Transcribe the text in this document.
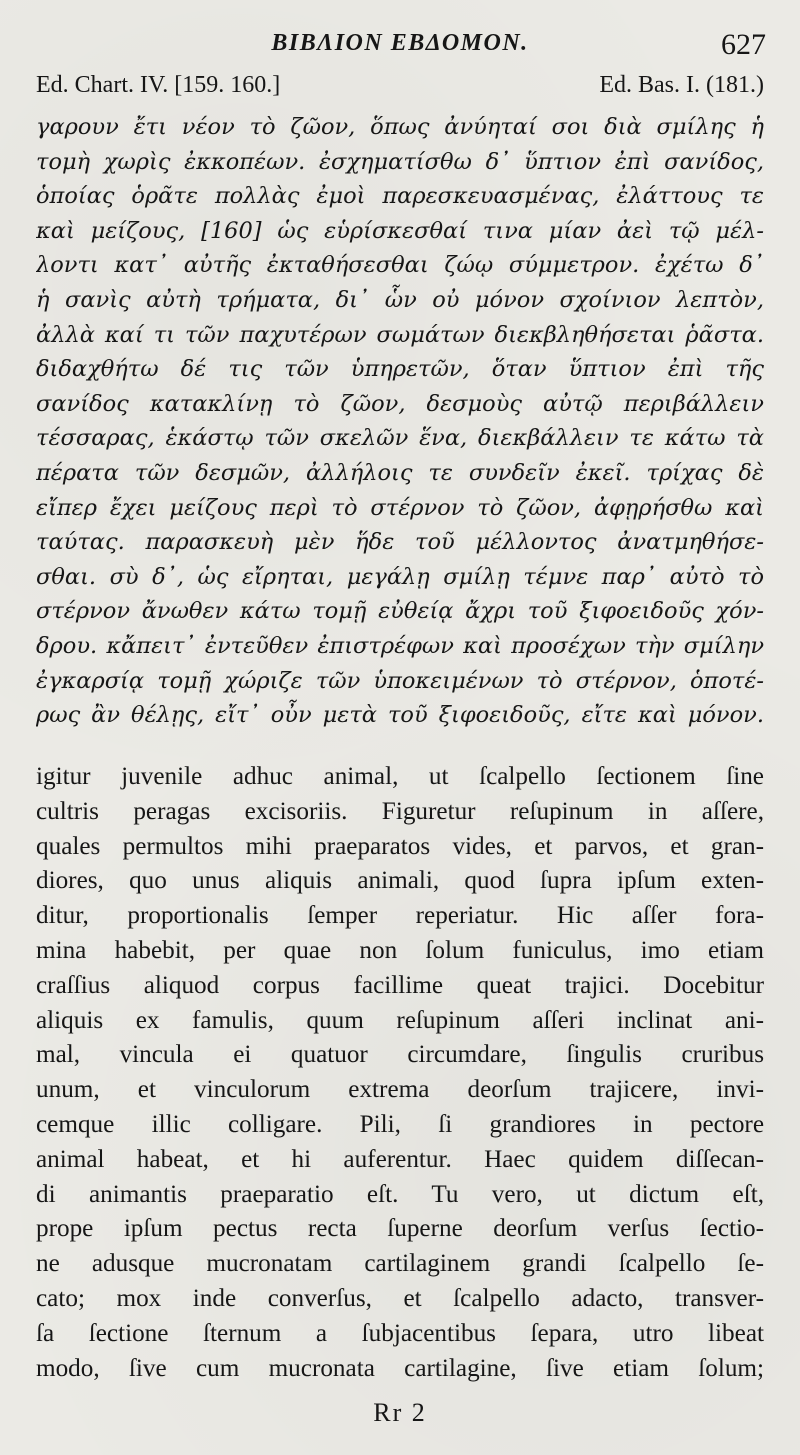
BIBΛΙΟΝ EBΔΟΜΟΝ.	627
Ed. Chart. IV. [159. 160.]	Ed. Bas. I. (181.)
γαρουν ἔτι νέον τὸ ζῶον, ὅπως ἀνύηταί σοι διὰ σμίλης ἡ
τομὴ χωρὶς ἐκκοπέων. ἐσχηματίσθω δ᾽ ὕπτιον ἐπὶ σανίδος,
ὁποίας ὁρᾶτε πολλὰς ἐμοὶ παρεσκευασμένας, ἐλάττους τε
καὶ μείζους, [160] ὡς εὑρίσκεσθαί τινα μίαν ἀεὶ τῷ μέλ-
λοντι κατ᾽ αὐτῆς ἐκταθήσεσθαι ζώῳ σύμμετρον. ἐχέτω δ᾽
ἡ σανὶς αὐτὴ τρήματα, δι᾽ ὧν οὐ μόνον σχοίνιον λεπτὸν,
ἀλλὰ καί τι τῶν παχυτέρων σωμάτων διεκβληθήσεται ῥᾶστα.
διδαχθήτω δέ τις τῶν ὑπηρετῶν, ὅταν ὕπτιον ἐπὶ τῆς
σανίδος κατακλίνῃ τὸ ζῶον, δεσμοὺς αὐτῷ περιβάλλειν
τέσσαρας, ἑκάστῳ τῶν σκελῶν ἕνα, διεκβάλλειν τε κάτω τὰ
πέρατα τῶν δεσμῶν, ἀλλήλοις τε συνδεῖν ἐκεῖ. τρίχας δὲ
εἴπερ ἔχει μείζους περὶ τὸ στέρνον τὸ ζῶον, ἀφῃρήσθω καὶ
ταύτας. παρασκευὴ μὲν ἥδε τοῦ μέλλοντος ἀνατμηθήσε-
σθαι. σὺ δ᾽, ὡς εἴρηται, μεγάλῃ σμίλῃ τέμνε παρ᾽ αὐτὸ τὸ
στέρνον ἄνωθεν κάτω τομῇ εὐθείᾳ ἄχρι τοῦ ξιφοειδοῦς χόν-
δρου. κἄπειτ᾽ ἐντεῦθεν ἐπιστρέφων καὶ προσέχων τὴν σμίλην
ἐγκαρσίᾳ τομῇ χώριζε τῶν ὑποκειμένων τὸ στέρνον, ὁποτέ-
ρως ἂν θέλῃς, εἴτ᾽ οὖν μετὰ τοῦ ξιφοειδοῦς, εἴτε καὶ μόνον.
igitur juvenile adhuc animal, ut ſcalpello ſectionem ſine
cultris peragas excisoriis. Figuretur reſupinum in aſſere,
quales permultos mihi praeparatos vides, et parvos, et gran-
diores, quo unus aliquis animali, quod ſupra ipſum exten-
ditur, proportionalis ſemper reperiatur. Hic aſſer fora-
mina habebit, per quae non ſolum funiculus, imo etiam
craſſius aliquod corpus facillime queat trajici. Docebitur
aliquis ex famulis, quum reſupinum aſſeri inclinat ani-
mal, vincula ei quatuor circumdare, ſingulis cruribus
unum, et vinculorum extrema deorſum trajicere, invi-
cemque illic colligare. Pili, ſi grandiores in pectore
animal habeat, et hi auferentur. Haec quidem diſſecan-
di animantis praeparatio eſt. Tu vero, ut dictum eſt,
prope ipſum pectus recta ſuperne deorſum verſus ſectio-
ne adusque mucronatam cartilaginem grandi ſcalpello ſe-
cato; mox inde converſus, et ſcalpello adacto, transver-
ſa ſectione ſternum a ſubjacentibus ſepara, utro libeat
modo, ſive cum mucronata cartilagine, ſive etiam ſolum;
Rr 2
